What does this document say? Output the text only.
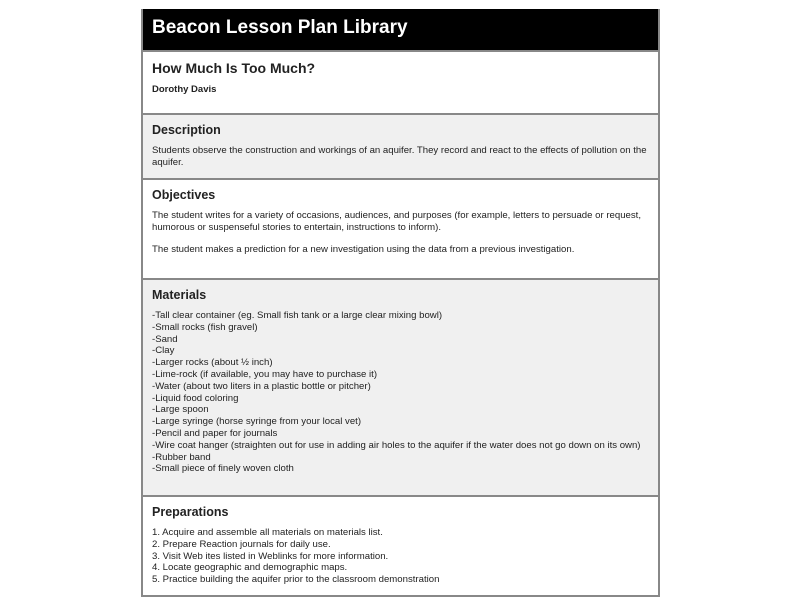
Beacon Lesson Plan Library
How Much Is Too Much?
Dorothy Davis
Description

Students observe the construction and workings of an aquifer. They record and react to the effects of pollution on the aquifer.

Objectives

The student writes for a variety of occasions, audiences, and purposes (for example, letters to persuade or request, humorous or suspenseful stories to entertain, instructions to inform).

The student makes a prediction for a new investigation using the data from a previous investigation.

Materials
-Tall clear container (eg. Small fish tank or a large clear mixing bowl)
-Small rocks (fish gravel)
-Sand
-Clay
-Larger rocks (about ½ inch)
-Lime-rock (if available, you may have to purchase it)
-Water (about two liters in a plastic bottle or pitcher)
-Liquid food coloring
-Large spoon
-Large syringe (horse syringe from your local vet)
-Pencil and paper for journals
-Wire coat hanger (straighten out for use in adding air holes to the aquifer if the water does not go down on its own)
-Rubber band
-Small piece of finely woven cloth
Preparations
1. Acquire and assemble all materials on materials list.
2. Prepare Reaction journals for daily use.
3. Visit Web ites listed in Weblinks for more information.
4. Locate geographic and demographic maps.
5. Practice building the aquifer prior to the classroom demonstration
